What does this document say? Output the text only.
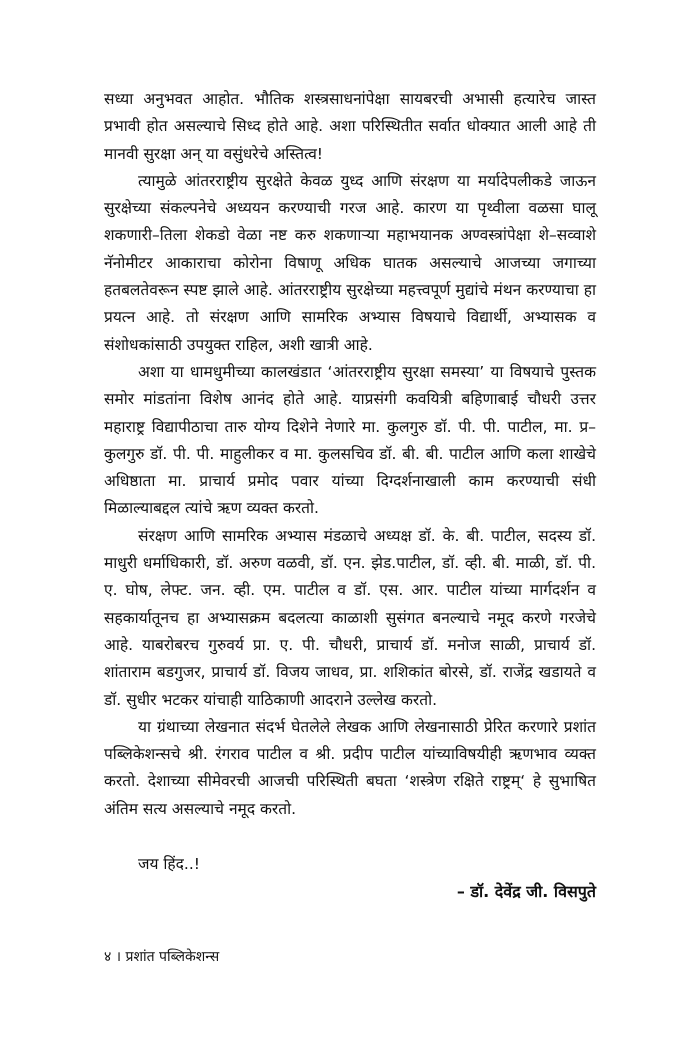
सध्या अनुभवत आहोत. भौतिक शस्त्रसाधनांपेक्षा सायबरची अभासी हत्यारेच जास्त प्रभावी होत असल्याचे सिध्द होते आहे. अशा परिस्थितीत सर्वात धोक्यात आली आहे ती मानवी सुरक्षा अन् या वसुंधरेचे अस्तित्व!

त्यामुळे आंतरराष्ट्रीय सुरक्षेते केवळ युध्द आणि संरक्षण या मर्यादेपलीकडे जाऊन सुरक्षेच्या संकल्पनेचे अध्ययन करण्याची गरज आहे. कारण या पृथ्वीला वळसा घालू शकणारी–तिला शेकडो वेळा नष्ट करु शकणाऱ्या महाभयानक अण्वस्त्रांपेक्षा शे–सव्वाशे नॅनोमीटर आकाराचा कोरोना विषाणू अधिक घातक असल्याचे आजच्या जगाच्या हतबलतेवरून स्पष्ट झाले आहे. आंतरराष्ट्रीय सुरक्षेच्या महत्त्वपूर्ण मुद्यांचे मंथन करण्याचा हा प्रयत्न आहे. तो संरक्षण आणि सामरिक अभ्यास विषयाचे विद्यार्थी, अभ्यासक व संशोधकांसाठी उपयुक्त राहिल, अशी खात्री आहे.

अशा या धामधुमीच्या कालखंडात ‘आंतरराष्ट्रीय सुरक्षा समस्या’ या विषयाचे पुस्तक समोर मांडतांना विशेष आनंद होते आहे. याप्रसंगी कवयित्री बहिणाबाई चौधरी उत्तर महाराष्ट्र विद्यापीठाचा तारु योग्य दिशेने नेणारे मा. कुलगुरु डॉ. पी. पी. पाटील, मा. प्र–कुलगुरु डॉ. पी. पी. माहुलीकर व मा. कुलसचिव डॉ. बी. बी. पाटील आणि कला शाखेचे अधिष्ठाता मा. प्राचार्य प्रमोद पवार यांच्या दिग्दर्शनाखाली काम करण्याची संधी मिळाल्याबद्दल त्यांचे ऋण व्यक्त करतो.

संरक्षण आणि सामरिक अभ्यास मंडळाचे अध्यक्ष डॉ. के. बी. पाटील, सदस्य डॉ. माधुरी धर्माधिकारी, डॉ. अरुण वळवी, डॉ. एन. झेड.पाटील, डॉ. व्ही. बी. माळी, डॉ. पी. ए. घोष, लेफ्ट. जन. व्ही. एम. पाटील व डॉ. एस. आर. पाटील यांच्या मार्गदर्शन व सहकार्यातूनच हा अभ्यासक्रम बदलत्या काळाशी सुसंगत बनल्याचे नमूद करणे गरजेचे आहे. याबरोबरच गुरुवर्य प्रा. ए. पी. चौधरी, प्राचार्य डॉ. मनोज साळी, प्राचार्य डॉ. शांताराम बडगुजर, प्राचार्य डॉ. विजय जाधव, प्रा. शशिकांत बोरसे, डॉ. राजेंद्र खडायते व डॉ. सुधीर भटकर यांचाही याठिकाणी आदराने उल्लेख करतो.

या ग्रंथाच्या लेखनात संदर्भ घेतलेले लेखक आणि लेखनासाठी प्रेरित करणारे प्रशांत पब्लिकेशन्सचे श्री. रंगराव पाटील व श्री. प्रदीप पाटील यांच्याविषयीही ऋणभाव व्यक्त करतो. देशाच्या सीमेवरची आजची परिस्थिती बघता ‘शस्त्रेण रक्षिते राष्ट्रम्‘ हे सुभाषित अंतिम सत्य असल्याचे नमूद करतो.

जय हिंद..!
– डॉ. देवेंद्र जी. विसपुते
४ । प्रशांत पब्लिकेशन्स
